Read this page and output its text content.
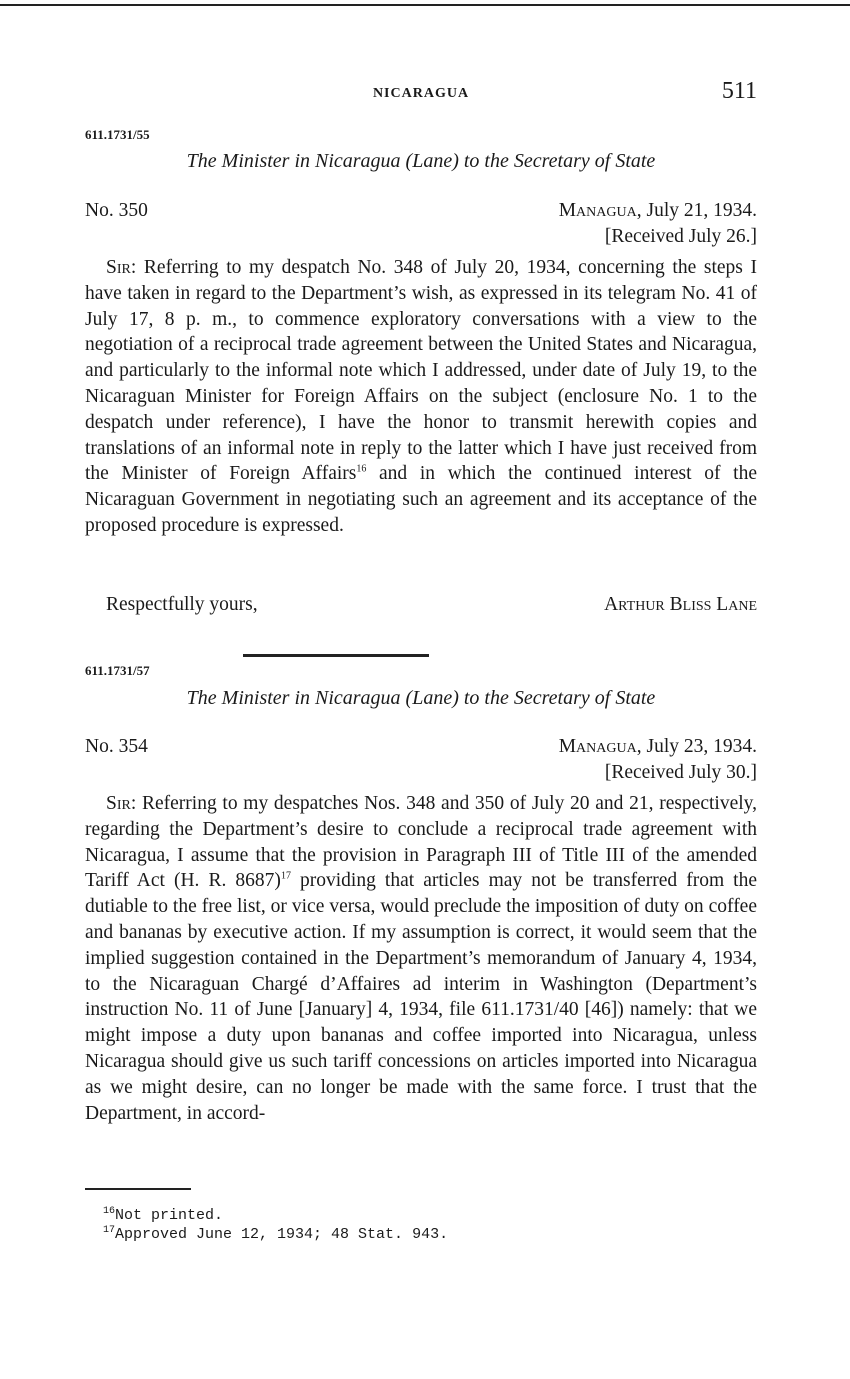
NICARAGUA	511
611.1731/55
The Minister in Nicaragua (Lane) to the Secretary of State
No. 350	Managua, July 21, 1934.
[Received July 26.]

Sir: Referring to my despatch No. 348 of July 20, 1934, concerning the steps I have taken in regard to the Department’s wish, as expressed in its telegram No. 41 of July 17, 8 p. m., to commence exploratory conversations with a view to the negotiation of a reciprocal trade agreement between the United States and Nicaragua, and particularly to the informal note which I addressed, under date of July 19, to the Nicaraguan Minister for Foreign Affairs on the subject (enclosure No. 1 to the despatch under reference), I have the honor to transmit herewith copies and translations of an informal note in reply to the latter which I have just received from the Minister of Foreign Affairs$^{16}$ and in which the continued interest of the Nicaraguan Government in negotiating such an agreement and its acceptance of the proposed procedure is expressed.

Respectfully yours,	Arthur Bliss Lane
611.1731/57
The Minister in Nicaragua (Lane) to the Secretary of State
No. 354	Managua, July 23, 1934.
[Received July 30.]

Sir: Referring to my despatches Nos. 348 and 350 of July 20 and 21, respectively, regarding the Department’s desire to conclude a reciprocal trade agreement with Nicaragua, I assume that the provision in Paragraph III of Title III of the amended Tariff Act (H. R. 8687)$^{17}$ providing that articles may not be transferred from the dutiable to the free list, or vice versa, would preclude the imposition of duty on coffee and bananas by executive action. If my assumption is correct, it would seem that the implied suggestion contained in the Department’s memorandum of January 4, 1934, to the Nicaraguan Chargé d’Affaires ad interim in Washington (Department’s instruction No. 11 of June [January] 4, 1934, file 611.1731/40 [46]) namely: that we might impose a duty upon bananas and coffee imported into Nicaragua, unless Nicaragua should give us such tariff concessions on articles imported into Nicaragua as we might desire, can no longer be made with the same force. I trust that the Department, in accord-

$^{16}$Not printed.
$^{17}$Approved June 12, 1934; 48 Stat. 943.
